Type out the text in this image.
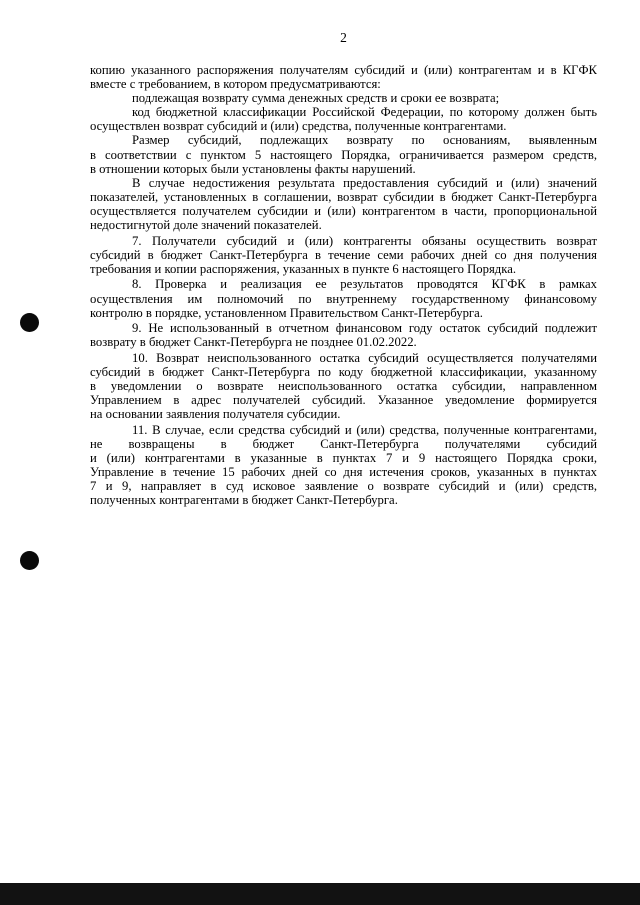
2
копию указанного распоряжения получателям субсидий и (или) контрагентам и в КГФК
вместе с требованием, в котором предусматриваются:
подлежащая возврату сумма денежных средств и сроки ее возврата;
код бюджетной классификации Российской Федерации, по которому должен быть
осуществлен возврат субсидий и (или) средства, полученные контрагентами.
Размер субсидий, подлежащих возврату по основаниям, выявленным
в соответствии с пунктом 5 настоящего Порядка, ограничивается размером средств,
в отношении которых были установлены факты нарушений.
В случае недостижения результата предоставления субсидий и (или) значений
показателей, установленных в соглашении, возврат субсидии в бюджет Санкт-Петербурга
осуществляется получателем субсидии и (или) контрагентом в части, пропорциональной
недостигнутой доле значений показателей.
7. Получатели субсидий и (или) контрагенты обязаны осуществить возврат
субсидий в бюджет Санкт-Петербурга в течение семи рабочих дней со дня получения
требования и копии распоряжения, указанных в пункте 6 настоящего Порядка.
8. Проверка и реализация ее результатов проводятся КГФК в рамках
осуществления им полномочий по внутреннему государственному финансовому
контролю в порядке, установленном Правительством Санкт-Петербурга.
9. Не использованный в отчетном финансовом году остаток субсидий подлежит
возврату в бюджет Санкт-Петербурга не позднее 01.02.2022.
10. Возврат неиспользованного остатка субсидий осуществляется получателями
субсидий в бюджет Санкт-Петербурга по коду бюджетной классификации, указанному
в уведомлении о возврате неиспользованного остатка субсидии, направленном
Управлением в адрес получателей субсидий. Указанное уведомление формируется
на основании заявления получателя субсидии.
11. В случае, если средства субсидий и (или) средства, полученные контрагентами,
не возвращены в бюджет Санкт-Петербурга получателями субсидий
и (или) контрагентами в указанные в пунктах 7 и 9 настоящего Порядка сроки,
Управление в течение 15 рабочих дней со дня истечения сроков, указанных в пунктах
7 и 9, направляет в суд исковое заявление о возврате субсидий и (или) средств,
полученных контрагентами в бюджет Санкт-Петербурга.
